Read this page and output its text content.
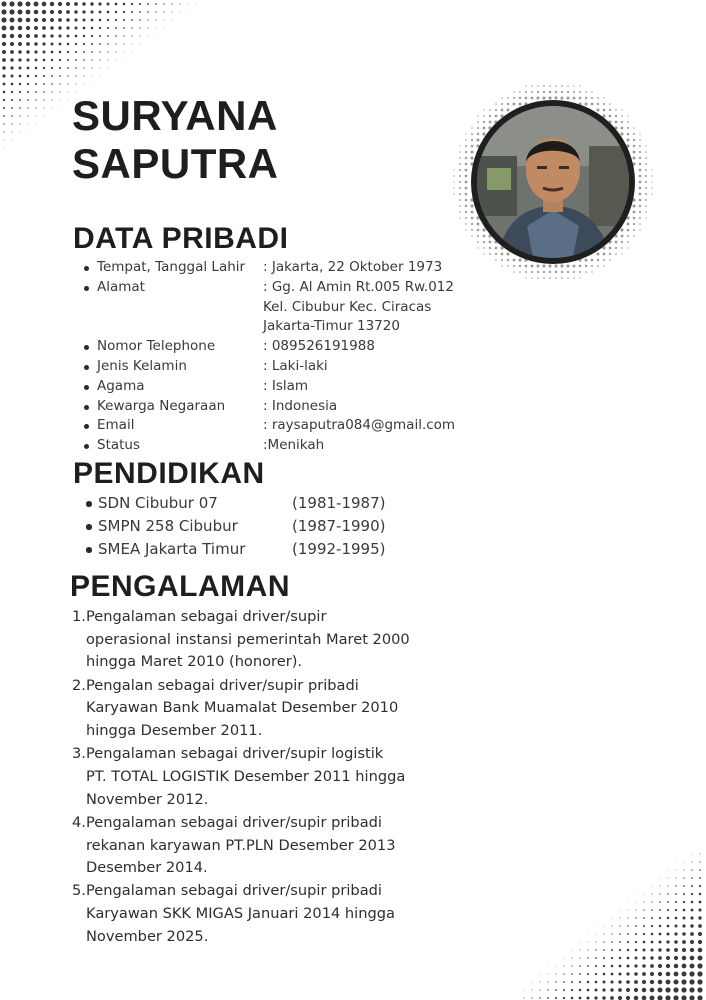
SURYANA
SAPUTRA
DATA PRIBADI
Tempat, Tanggal Lahir	: Jakarta, 22 Oktober 1973
Alamat	: Gg. Al Amin Rt.005 Rw.012
Kel. Cibubur Kec. Ciracas
Jakarta-Timur 13720
Nomor Telephone	: 089526191988
Jenis Kelamin	: Laki-laki
Agama	: Islam
Kewarga Negaraan	: Indonesia
Email	: raysaputra084@gmail.com
Status	:Menikah
PENDIDIKAN
SDN Cibubur 07	(1981-1987)
SMPN 258 Cibubur	(1987-1990)
SMEA Jakarta Timur	(1992-1995)
PENGALAMAN
1. Pengalaman sebagai driver/supir
operasional instansi pemerintah Maret 2000
hingga Maret 2010 (honorer).
2. Pengalan sebagai driver/supir pribadi
Karyawan Bank Muamalat Desember 2010
hingga Desember 2011.
3. Pengalaman sebagai driver/supir logistik
PT. TOTAL LOGISTIK Desember 2011 hingga
November 2012.
4. Pengalaman sebagai driver/supir pribadi
rekanan karyawan PT.PLN Desember 2013
Desember 2014.
5. Pengalaman sebagai driver/supir pribadi
Karyawan SKK MIGAS Januari 2014 hingga
November 2025.
